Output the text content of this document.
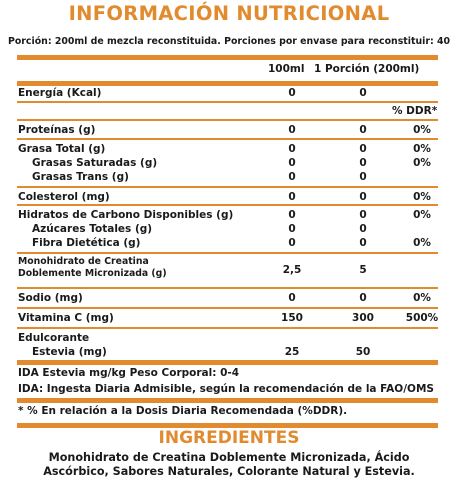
INFORMACIÓN NUTRICIONAL
Porción: 200ml de mezcla reconstituida. Porciones por envase para reconstituir: 40
100ml 1 Porción (200ml)
% DDR*
Energía (Kcal)	0	0
Proteínas (g)	0	0	0%
Grasa Total (g)	0	0	0%
Grasas Saturadas (g)	0	0	0%
Grasas Trans (g)	0	0
Colesterol (mg)	0	0	0%
Hidratos de Carbono Disponibles (g)	0	0	0%
Azúcares Totales (g)	0	0
Fibra Dietética (g)	0	0	0%
Monohidrato de Creatina
Doblemente Micronizada (g)	2,5	5
Sodio (mg)	0	0	0%
Vitamina C (mg)	150	300	500%
Edulcorante
Estevia (mg)	25	50
IDA Estevia mg/kg Peso Corporal: 0-4
IDA: Ingesta Diaria Admisible, según la recomendación de la FAO/OMS
* % En relación a la Dosis Diaria Recomendada (%DDR).
INGREDIENTES
Monohidrato de Creatina Doblemente Micronizada, Ácido
Ascórbico, Sabores Naturales, Colorante Natural y Estevia.
